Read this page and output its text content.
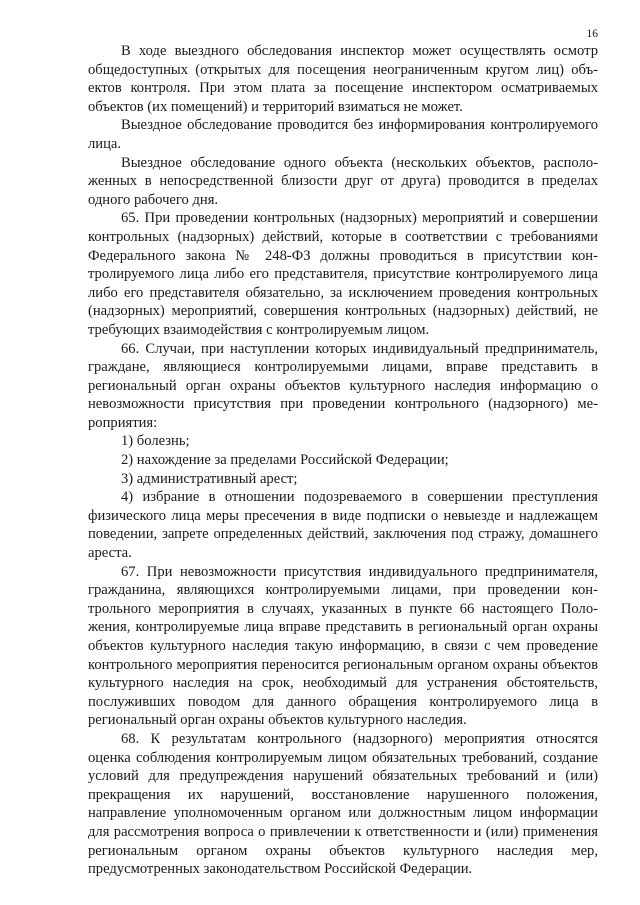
16

В ходе выездного обследования инспектор может осуществлять осмотр общедоступных (открытых для посещения неограниченным кругом лиц) объектов контроля. При этом плата за посещение инспектором осматриваемых объектов (их помещений) и территорий взиматься не может.

Выездное обследование проводится без информирования контролируемого лица.

Выездное обследование одного объекта (нескольких объектов, расположенных в непосредственной близости друг от друга) проводится в пределах одного рабочего дня.

65. При проведении контрольных (надзорных) мероприятий и совершении контрольных (надзорных) действий, которые в соответствии с требованиями Федерального закона № 248-ФЗ должны проводиться в присутствии контролируемого лица либо его представителя, присутствие контролируемого лица либо его представителя обязательно, за исключением проведения контрольных (надзорных) мероприятий, совершения контрольных (надзорных) действий, не требующих взаимодействия с контролируемым лицом.

66. Случаи, при наступлении которых индивидуальный предприниматель, граждане, являющиеся контролируемыми лицами, вправе представить в региональный орган охраны объектов культурного наследия информацию о невозможности присутствия при проведении контрольного (надзорного) мероприятия:

1) болезнь;

2) нахождение за пределами Российской Федерации;

3) административный арест;

4) избрание в отношении подозреваемого в совершении преступления физического лица меры пресечения в виде подписки о невыезде и надлежащем поведении, запрете определенных действий, заключения под стражу, домашнего ареста.

67. При невозможности присутствия индивидуального предпринимателя, гражданина, являющихся контролируемыми лицами, при проведении контрольного мероприятия в случаях, указанных в пункте 66 настоящего Положения, контролируемые лица вправе представить в региональный орган охраны объектов культурного наследия такую информацию, в связи с чем проведение контрольного мероприятия переносится региональным органом охраны объектов культурного наследия на срок, необходимый для устранения обстоятельств, послуживших поводом для данного обращения контролируемого лица в региональный орган охраны объектов культурного наследия.

68. К результатам контрольного (надзорного) мероприятия относятся оценка соблюдения контролируемым лицом обязательных требований, создание условий для предупреждения нарушений обязательных требований и (или) прекращения их нарушений, восстановление нарушенного положения, направление уполномоченным органом или должностным лицом информации для рассмотрения вопроса о привлечении к ответственности и (или) применения региональным органом охраны объектов культурного наследия мер, предусмотренных законодательством Российской Федерации.
